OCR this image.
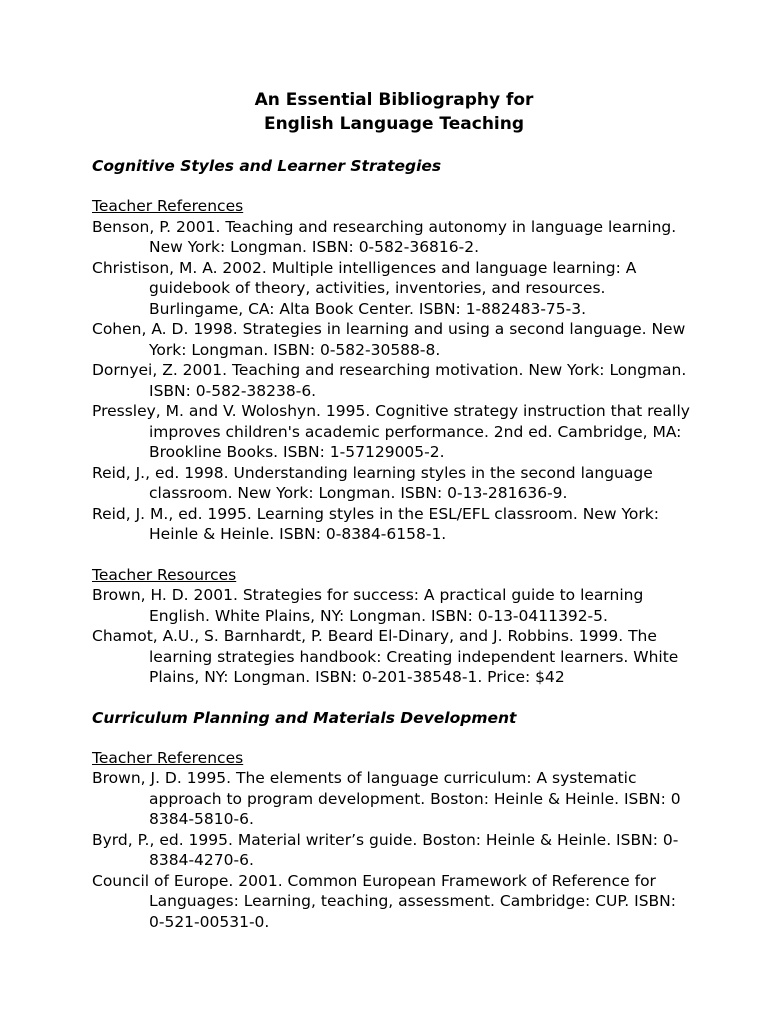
An Essential Bibliography for
English Language Teaching
Cognitive Styles and Learner Strategies
Teacher References
Benson, P. 2001. Teaching and researching autonomy in language learning. New York: Longman. ISBN: 0-582-36816-2.
Christison, M. A. 2002. Multiple intelligences and language learning: A guidebook of theory, activities, inventories, and resources. Burlingame, CA: Alta Book Center. ISBN: 1-882483-75-3.
Cohen, A. D. 1998. Strategies in learning and using a second language. New York: Longman. ISBN: 0-582-30588-8.
Dornyei, Z. 2001. Teaching and researching motivation. New York: Longman. ISBN: 0-582-38238-6.
Pressley, M. and V. Woloshyn. 1995. Cognitive strategy instruction that really improves children's academic performance. 2nd ed. Cambridge, MA: Brookline Books. ISBN: 1-57129005-2.
Reid, J., ed. 1998. Understanding learning styles in the second language classroom. New York: Longman. ISBN: 0-13-281636-9.
Reid, J. M., ed. 1995. Learning styles in the ESL/EFL classroom. New York: Heinle & Heinle. ISBN: 0-8384-6158-1.
Teacher Resources
Brown, H. D. 2001. Strategies for success: A practical guide to learning English. White Plains, NY: Longman. ISBN: 0-13-0411392-5.
Chamot, A.U., S. Barnhardt, P. Beard El-Dinary, and J. Robbins. 1999. The learning strategies handbook: Creating independent learners. White Plains, NY: Longman. ISBN: 0-201-38548-1. Price: $42
Curriculum Planning and Materials Development
Teacher References
Brown, J. D. 1995. The elements of language curriculum: A systematic approach to program development. Boston: Heinle & Heinle. ISBN: 0 8384-5810-6.
Byrd, P., ed. 1995. Material writer’s guide. Boston: Heinle & Heinle. ISBN: 0-8384-4270-6.
Council of Europe. 2001. Common European Framework of Reference for Languages: Learning, teaching, assessment. Cambridge: CUP. ISBN: 0-521-00531-0.
